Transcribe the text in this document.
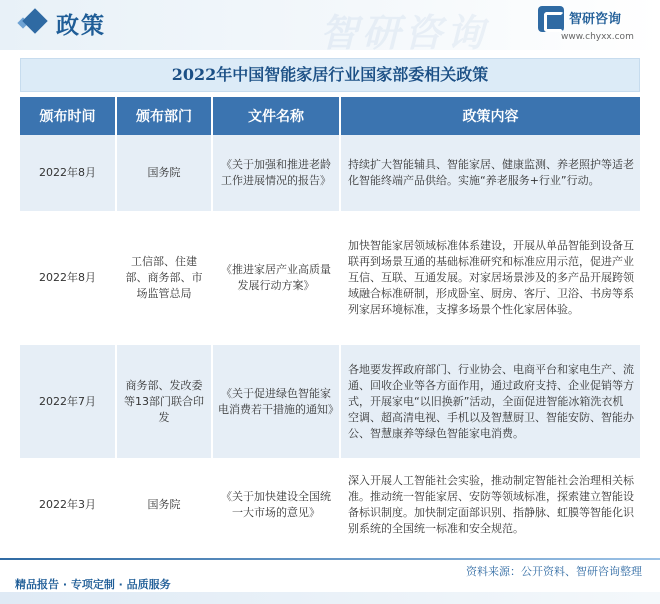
智研咨询
政策	智研咨询
www.chyxx.com
2022年中国智能家居行业国家部委相关政策
颁布时间	颁布部门	文件名称	政策内容
2022年8月	国务院	《关于加强和推进老龄工作进展情况的报告》	持续扩大智能辅具、智能家居、健康监测、养老照护等适老化智能终端产品供给。实施“养老服务+行业”行动。
2022年8月	工信部、住建部、商务部、市场监管总局	《推进家居产业高质量发展行动方案》	加快智能家居领域标准体系建设，开展从单品智能到设备互联再到场景互通的基础标准研究和标准应用示范，促进产业互信、互联、互通发展。对家居场景涉及的多产品开展跨领域融合标准研制，形成卧室、厨房、客厅、卫浴、书房等系列家居环境标准，支撑多场景个性化家居体验。
2022年7月	商务部、发改委等13部门联合印发	《关于促进绿色智能家电消费若干措施的通知》	各地要发挥政府部门、行业协会、电商平台和家电生产、流通、回收企业等各方面作用，通过政府支持、企业促销等方式，开展家电“以旧换新”活动，全面促进智能冰箱洗衣机空调、超高清电视、手机以及智慧厨卫、智能安防、智能办公、智慧康养等绿色智能家电消费。
2022年3月	国务院	《关于加快建设全国统一大市场的意见》	深入开展人工智能社会实验，推动制定智能社会治理相关标准。推动统一智能家居、安防等领域标准，探索建立智能设备标识制度。加快制定面部识别、指静脉、虹膜等智能化识别系统的全国统一标准和安全规范。
资料来源：公开资料、智研咨询整理
精品报告 · 专项定制 · 品质服务
